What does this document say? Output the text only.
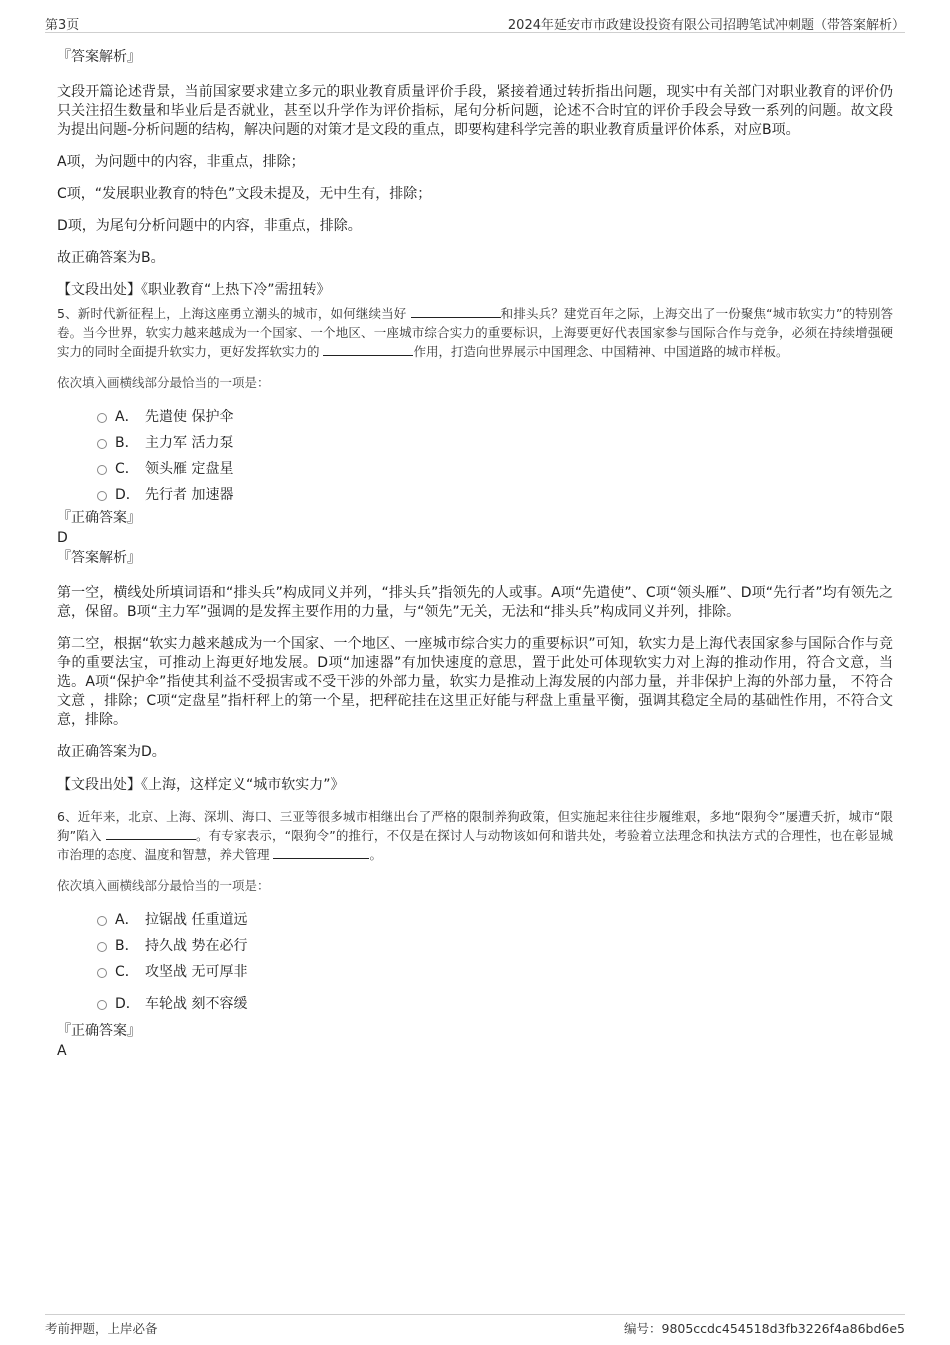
第3页	2024年延安市市政建设投资有限公司招聘笔试冲刺题（带答案解析）
『答案解析』

文段开篇论述背景，当前国家要求建立多元的职业教育质量评价手段，紧接着通过转折指出问题，现实中有关部门对职业教育的评价仍只关注招生数量和毕业后是否就业，甚至以升学作为评价指标，尾句分析问题，论述不合时宜的评价手段会导致一系列的问题。故文段为提出问题-分析问题的结构，解决问题的对策才是文段的重点，即要构建科学完善的职业教育质量评价体系，对应B项。

A项，为问题中的内容，非重点，排除；

C项，“发展职业教育的特色”文段未提及，无中生有，排除；

D项，为尾句分析问题中的内容，非重点，排除。

故正确答案为B。

【文段出处】《职业教育“上热下冷”需扭转》

5、新时代新征程上，上海这座勇立潮头的城市，如何继续当好	和排头兵？建党百年之际，上海交出了一份聚焦“城市软实力”的特别答卷。当今世界，软实力越来越成为一个国家、一个地区、一座城市综合实力的重要标识，上海要更好代表国家参与国际合作与竞争，必须在持续增强硬实力的同时全面提升软实力，更好发挥软实力的	作用，打造向世界展示中国理念、中国精神、中国道路的城市样板。

依次填入画横线部分最恰当的一项是：
A． 先遣使 保护伞
B． 主力军 活力泵
C． 领头雁 定盘星
D． 先行者 加速器
『正确答案』
D
『答案解析』

第一空，横线处所填词语和“排头兵”构成同义并列，“排头兵”指领先的人或事。A项“先遣使”、C项“领头雁”、D项“先行者”均有领先之意，保留。B项“主力军”强调的是发挥主要作用的力量，与“领先”无关，无法和“排头兵”构成同义并列，排除。

第二空，根据“软实力越来越成为一个国家、一个地区、一座城市综合实力的重要标识”可知，软实力是上海代表国家参与国际合作与竞争的重要法宝，可推动上海更好地发展。D项“加速器”有加快速度的意思，置于此处可体现软实力对上海的推动作用，符合文意，当选。A项“保护伞”指使其利益不受损害或不受干涉的外部力量，软实力是推动上海发展的内部力量，并非保护上海的外部力量， 不符合文意 ，排除；C项“定盘星”指杆秤上的第一个星，把秤砣挂在这里正好能与秤盘上重量平衡，强调其稳定全局的基础性作用，不符合文意，排除。

故正确答案为D。

【文段出处】《上海，这样定义“城市软实力”》

6、近年来，北京、上海、深圳、海口、三亚等很多城市相继出台了严格的限制养狗政策，但实施起来往往步履维艰，多地“限狗令”屡遭夭折，城市“限狗”陷入	。有专家表示，“限狗令”的推行，不仅是在探讨人与动物该如何和谐共处，考验着立法理念和执法方式的合理性，也在彰显城市治理的态度、温度和智慧，养犬管理	。

依次填入画横线部分最恰当的一项是：
A． 拉锯战 任重道远
B． 持久战 势在必行
C． 攻坚战 无可厚非
D． 车轮战 刻不容缓
『正确答案』
A
考前押题，上岸必备	编号：9805ccdc454518d3fb3226f4a86bd6e5
